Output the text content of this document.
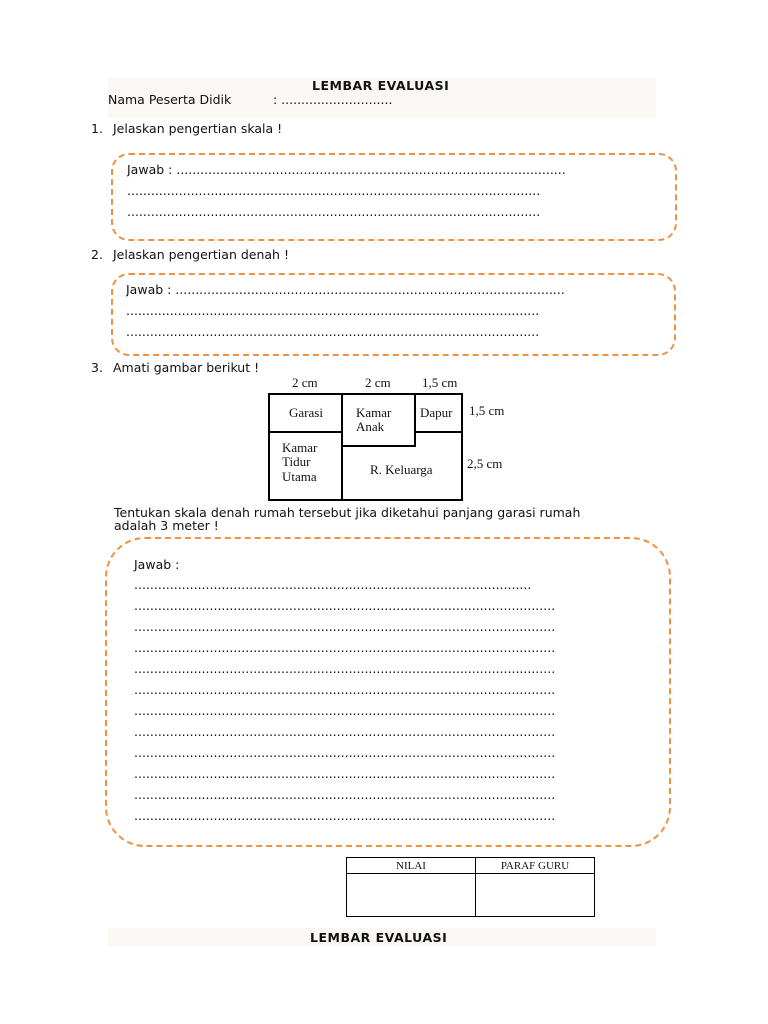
LEMBAR EVALUASI
Nama Peserta Didik	: ............................
1. Jelaskan pengertian skala !
Jawab : ..................................................................................................
........................................................................................................
........................................................................................................
2. Jelaskan pengertian denah !
Jawab : ..................................................................................................
........................................................................................................
........................................................................................................
3. Amati gambar berikut !
2 cm	2 cm 1,5 cm
1,5 cm
2,5 cm
Garasi	Kamar
Anak
Dapur
Kamar
Tidur
Utama	R. Keluarga
Tentukan skala denah rumah tersebut jika diketahui panjang garasi rumah
adalah 3 meter !
Jawab :
....................................................................................................
..........................................................................................................
..........................................................................................................
..........................................................................................................
..........................................................................................................
..........................................................................................................
..........................................................................................................
..........................................................................................................
..........................................................................................................
..........................................................................................................
..........................................................................................................
..........................................................................................................
NILAI	PARAF GURU

LEMBAR EVALUASI
